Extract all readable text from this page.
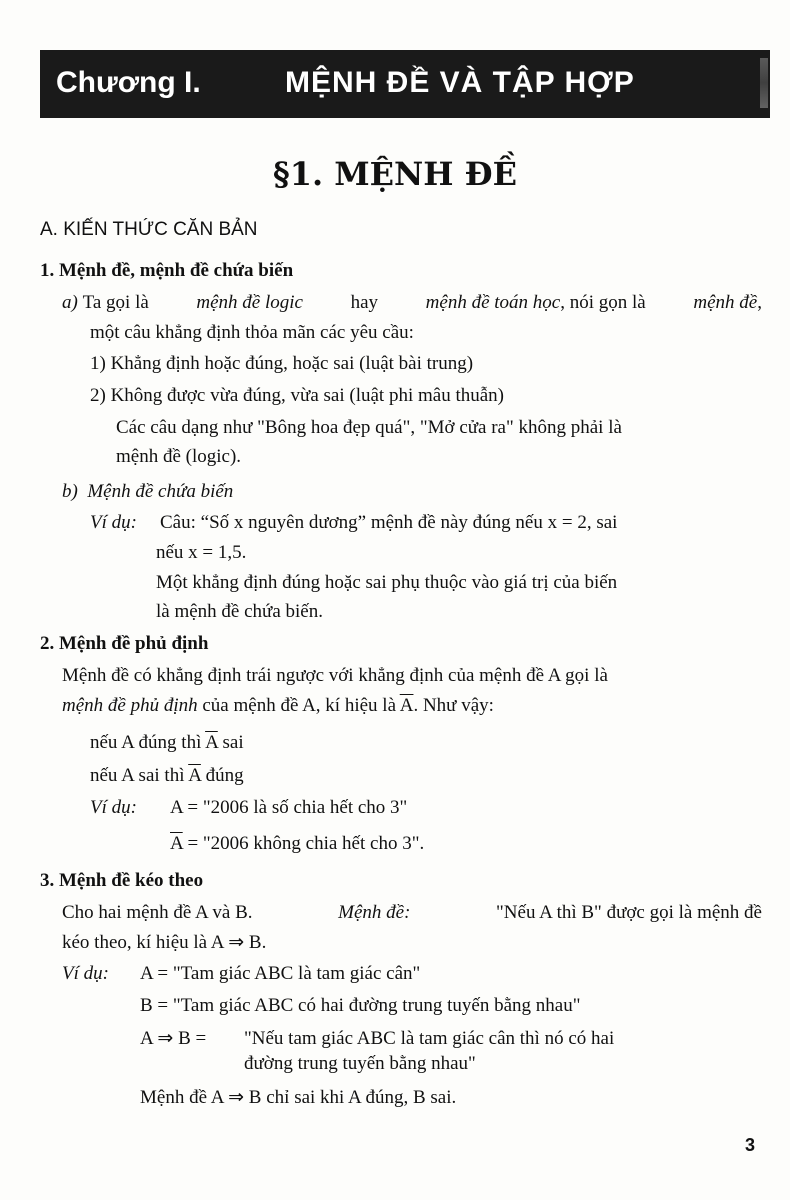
Chương I.	MỆNH ĐỀ VÀ TẬP HỢP
§1. MỆNH ĐỀ
A. KIẾN THỨC CĂN BẢN
1. Mệnh đề, mệnh đề chứa biến
a) Ta gọi là	mệnh đề logic	hay	mệnh đề toán học, nói gọn là	mệnh đề,
một câu khẳng định thỏa mãn các yêu cầu:
1) Khẳng định hoặc đúng, hoặc sai (luật bài trung)
2) Không được vừa đúng, vừa sai (luật phi mâu thuẫn)
Các câu dạng như "Bông hoa đẹp quá", "Mở cửa ra" không phải là
mệnh đề (logic).
b) Mệnh đề chứa biến
Ví dụ: Câu: “Số x nguyên dương” mệnh đề này đúng nếu x = 2, sai
nếu x = 1,5.
Một khẳng định đúng hoặc sai phụ thuộc vào giá trị của biến
là mệnh đề chứa biến.
2. Mệnh đề phủ định
Mệnh đề có khẳng định trái ngược với khẳng định của mệnh đề A gọi là
mệnh đề phủ định của mệnh đề A, kí hiệu là $\overline{A}$. Như vậy:
nếu A đúng thì $\overline{A}$ sai
nếu A sai thì $\overline{A}$ đúng
Ví dụ: A = "2006 là số chia hết cho 3"
$\overline{A}$ = "2006 không chia hết cho 3".
3. Mệnh đề kéo theo
Cho hai mệnh đề A và B.	Mệnh đề:	"Nếu A thì B" được gọi là mệnh đề
kéo theo, kí hiệu là A ⇒ B.
Ví dụ: A = "Tam giác ABC là tam giác cân"
B = "Tam giác ABC có hai đường trung tuyến bằng nhau"
A ⇒ B = "Nếu tam giác ABC là tam giác cân thì nó có hai
đường trung tuyến bằng nhau"
Mệnh đề A ⇒ B chỉ sai khi A đúng, B sai.
3
